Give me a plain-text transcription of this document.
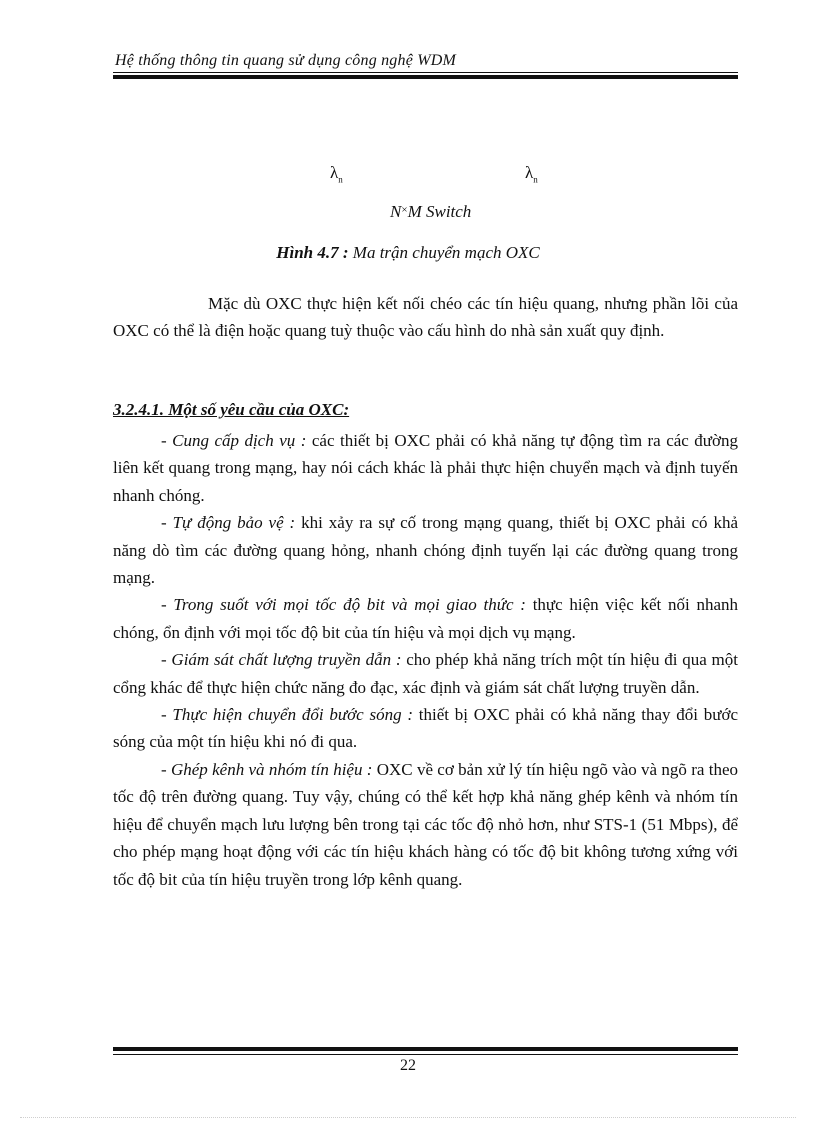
Hệ thống thông tin quang sử dụng công nghệ WDM
$\lambda_n$	$\lambda_n$
N×M Switch
Hình 4.7 : Ma trận chuyển mạch OXC
Mặc dù OXC thực hiện kết nối chéo các tín hiệu quang, nhưng phần lõi của OXC có thể là điện hoặc quang tuỳ thuộc vào cấu hình do nhà sản xuất quy định.
3.2.4.1. Một số yêu cầu của OXC:

- Cung cấp dịch vụ : các thiết bị OXC phải có khả năng tự động tìm ra các đường liên kết quang trong mạng, hay nói cách khác là phải thực hiện chuyển mạch và định tuyến nhanh chóng.

- Tự động bảo vệ : khi xảy ra sự cố trong mạng quang, thiết bị OXC phải có khả năng dò tìm các đường quang hỏng, nhanh chóng định tuyến lại các đường quang trong mạng.

- Trong suốt với mọi tốc độ bit và mọi giao thức : thực hiện việc kết nối nhanh chóng, ổn định với mọi tốc độ bit của tín hiệu và mọi dịch vụ mạng.

- Giám sát chất lượng truyền dẫn : cho phép khả năng trích một tín hiệu đi qua một cổng khác để thực hiện chức năng đo đạc, xác định và giám sát chất lượng truyền dẫn.

- Thực hiện chuyển đổi bước sóng : thiết bị OXC phải có khả năng thay đổi bước sóng của một tín hiệu khi nó đi qua.

- Ghép kênh và nhóm tín hiệu : OXC về cơ bản xử lý tín hiệu ngõ vào và ngõ ra theo tốc độ trên đường quang. Tuy vậy, chúng có thể kết hợp khả năng ghép kênh và nhóm tín hiệu để chuyển mạch lưu lượng bên trong tại các tốc độ nhỏ hơn, như STS-1 (51 Mbps), để cho phép mạng hoạt động với các tín hiệu khách hàng có tốc độ bit không tương xứng với tốc độ bit của tín hiệu truyền trong lớp kênh quang.

22
